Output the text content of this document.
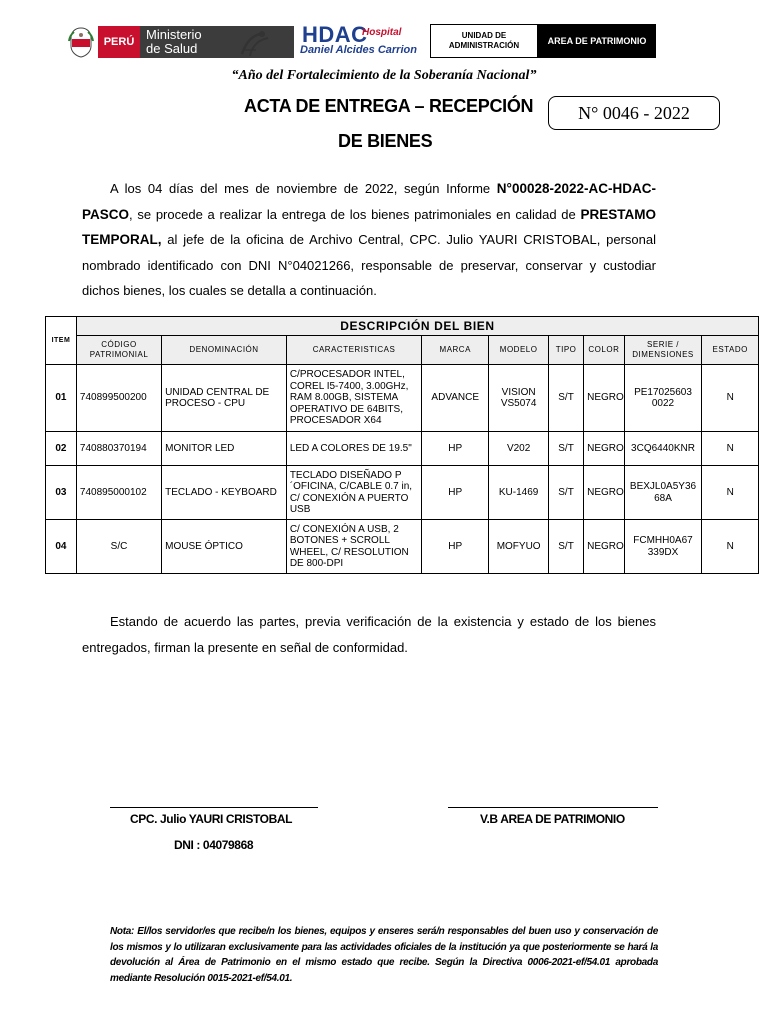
PERÚ Ministerio
de Salud
HDAC
Hospital
Daniel Alcides Carrion
UNIDAD DE ADMINISTRACIÓN	AREA DE PATRIMONIO
“Año del Fortalecimiento de la Soberanía Nacional”
ACTA DE ENTREGA – RECEPCIÓN
DE BIENES
N° 0046 - 2022
A los 04 días del mes de noviembre de 2022, según Informe N°00028-2022-AC-HDAC-PASCO, se procede a realizar la entrega de los bienes patrimoniales en calidad de PRESTAMO TEMPORAL, al jefe de la oficina de Archivo Central, CPC. Julio YAURI CRISTOBAL, personal nombrado identificado con DNI N°04021266, responsable de preservar, conservar y custodiar dichos bienes, los cuales se detalla a continuación.
ITEM	DESCRIPCIÓN DEL BIEN								
	CÓDIGO PATRIMONIAL	DENOMINACIÓN	CARACTERISTICAS	MARCA	MODELO	TIPO	COLOR	SERIE / DIMENSIONES	ESTADO
01	740899500200	UNIDAD CENTRAL DE PROCESO - CPU	C/PROCESADOR INTEL, COREL I5-7400, 3.00GHz, RAM 8.00GB, SISTEMA OPERATIVO DE 64BITS, PROCESADOR X64	ADVANCE	VISION VS5074	S/T	NEGRO	PE17025603 0022	N
02	740880370194	MONITOR LED	LED A COLORES DE 19.5"	HP	V202	S/T	NEGRO	3CQ6440KNR	N
03	740895000102	TECLADO - KEYBOARD	TECLADO DISEÑADO P ´OFICINA, C/CABLE 0.7 in, C/ CONEXIÓN A PUERTO USB	HP	KU-1469	S/T	NEGRO	BEXJL0A5Y36 68A	N
04	S/C	MOUSE ÓPTICO	C/ CONEXIÓN A USB, 2 BOTONES + SCROLL WHEEL, C/ RESOLUTION DE 800-DPI	HP	MOFYUO	S/T	NEGRO	FCMHH0A67 339DX	N
Estando de acuerdo las partes, previa verificación de la existencia y estado de los bienes entregados, firman la presente en señal de conformidad.
CPC. Julio YAURI CRISTOBAL
DNI : 04079868
V.B AREA DE PATRIMONIO
Nota: El/los servidor/es que recibe/n los bienes, equipos y enseres será/n responsables del buen uso y conservación de los mismos y lo utilizaran exclusivamente para las actividades oficiales de la institución ya que posteriormente se hará la devolución al Área de Patrimonio en el mismo estado que recibe. Según la Directiva 0006-2021-ef/54.01 aprobada mediante Resolución 0015-2021-ef/54.01.
